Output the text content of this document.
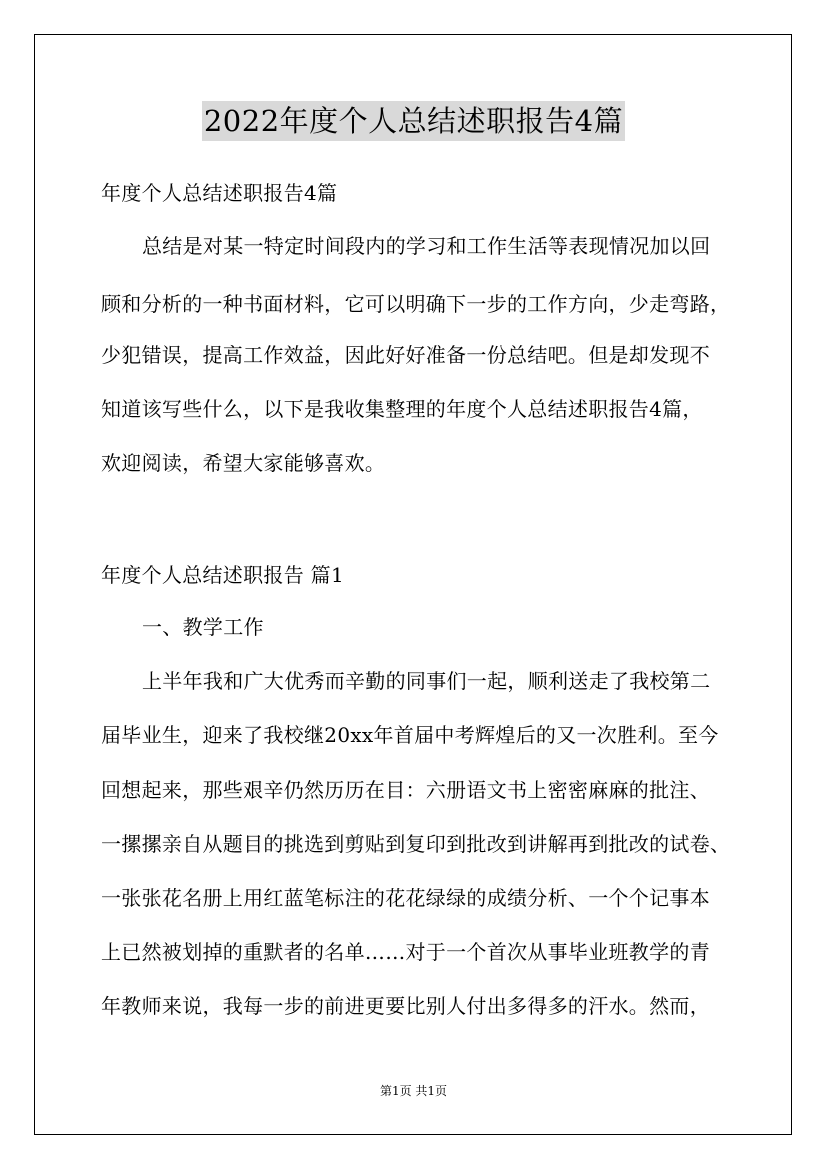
2022年度个人总结述职报告4篇
年度个人总结述职报告4篇
总结是对某一特定时间段内的学习和工作生活等表现情况加以回
顾和分析的一种书面材料，它可以明确下一步的工作方向，少走弯路，
少犯错误，提高工作效益，因此好好准备一份总结吧。但是却发现不
知道该写些什么，以下是我收集整理的年度个人总结述职报告4篇，
欢迎阅读，希望大家能够喜欢。
年度个人总结述职报告 篇1
一、教学工作
上半年我和广大优秀而辛勤的同事们一起，顺利送走了我校第二
届毕业生，迎来了我校继20xx年首届中考辉煌后的又一次胜利。至今
回想起来，那些艰辛仍然历历在目：六册语文书上密密麻麻的批注、
一摞摞亲自从题目的挑选到剪贴到复印到批改到讲解再到批改的试卷、
一张张花名册上用红蓝笔标注的花花绿绿的成绩分析、一个个记事本
上已然被划掉的重默者的名单……对于一个首次从事毕业班教学的青
年教师来说，我每一步的前进更要比别人付出多得多的汗水。然而，
第1页 共1页
